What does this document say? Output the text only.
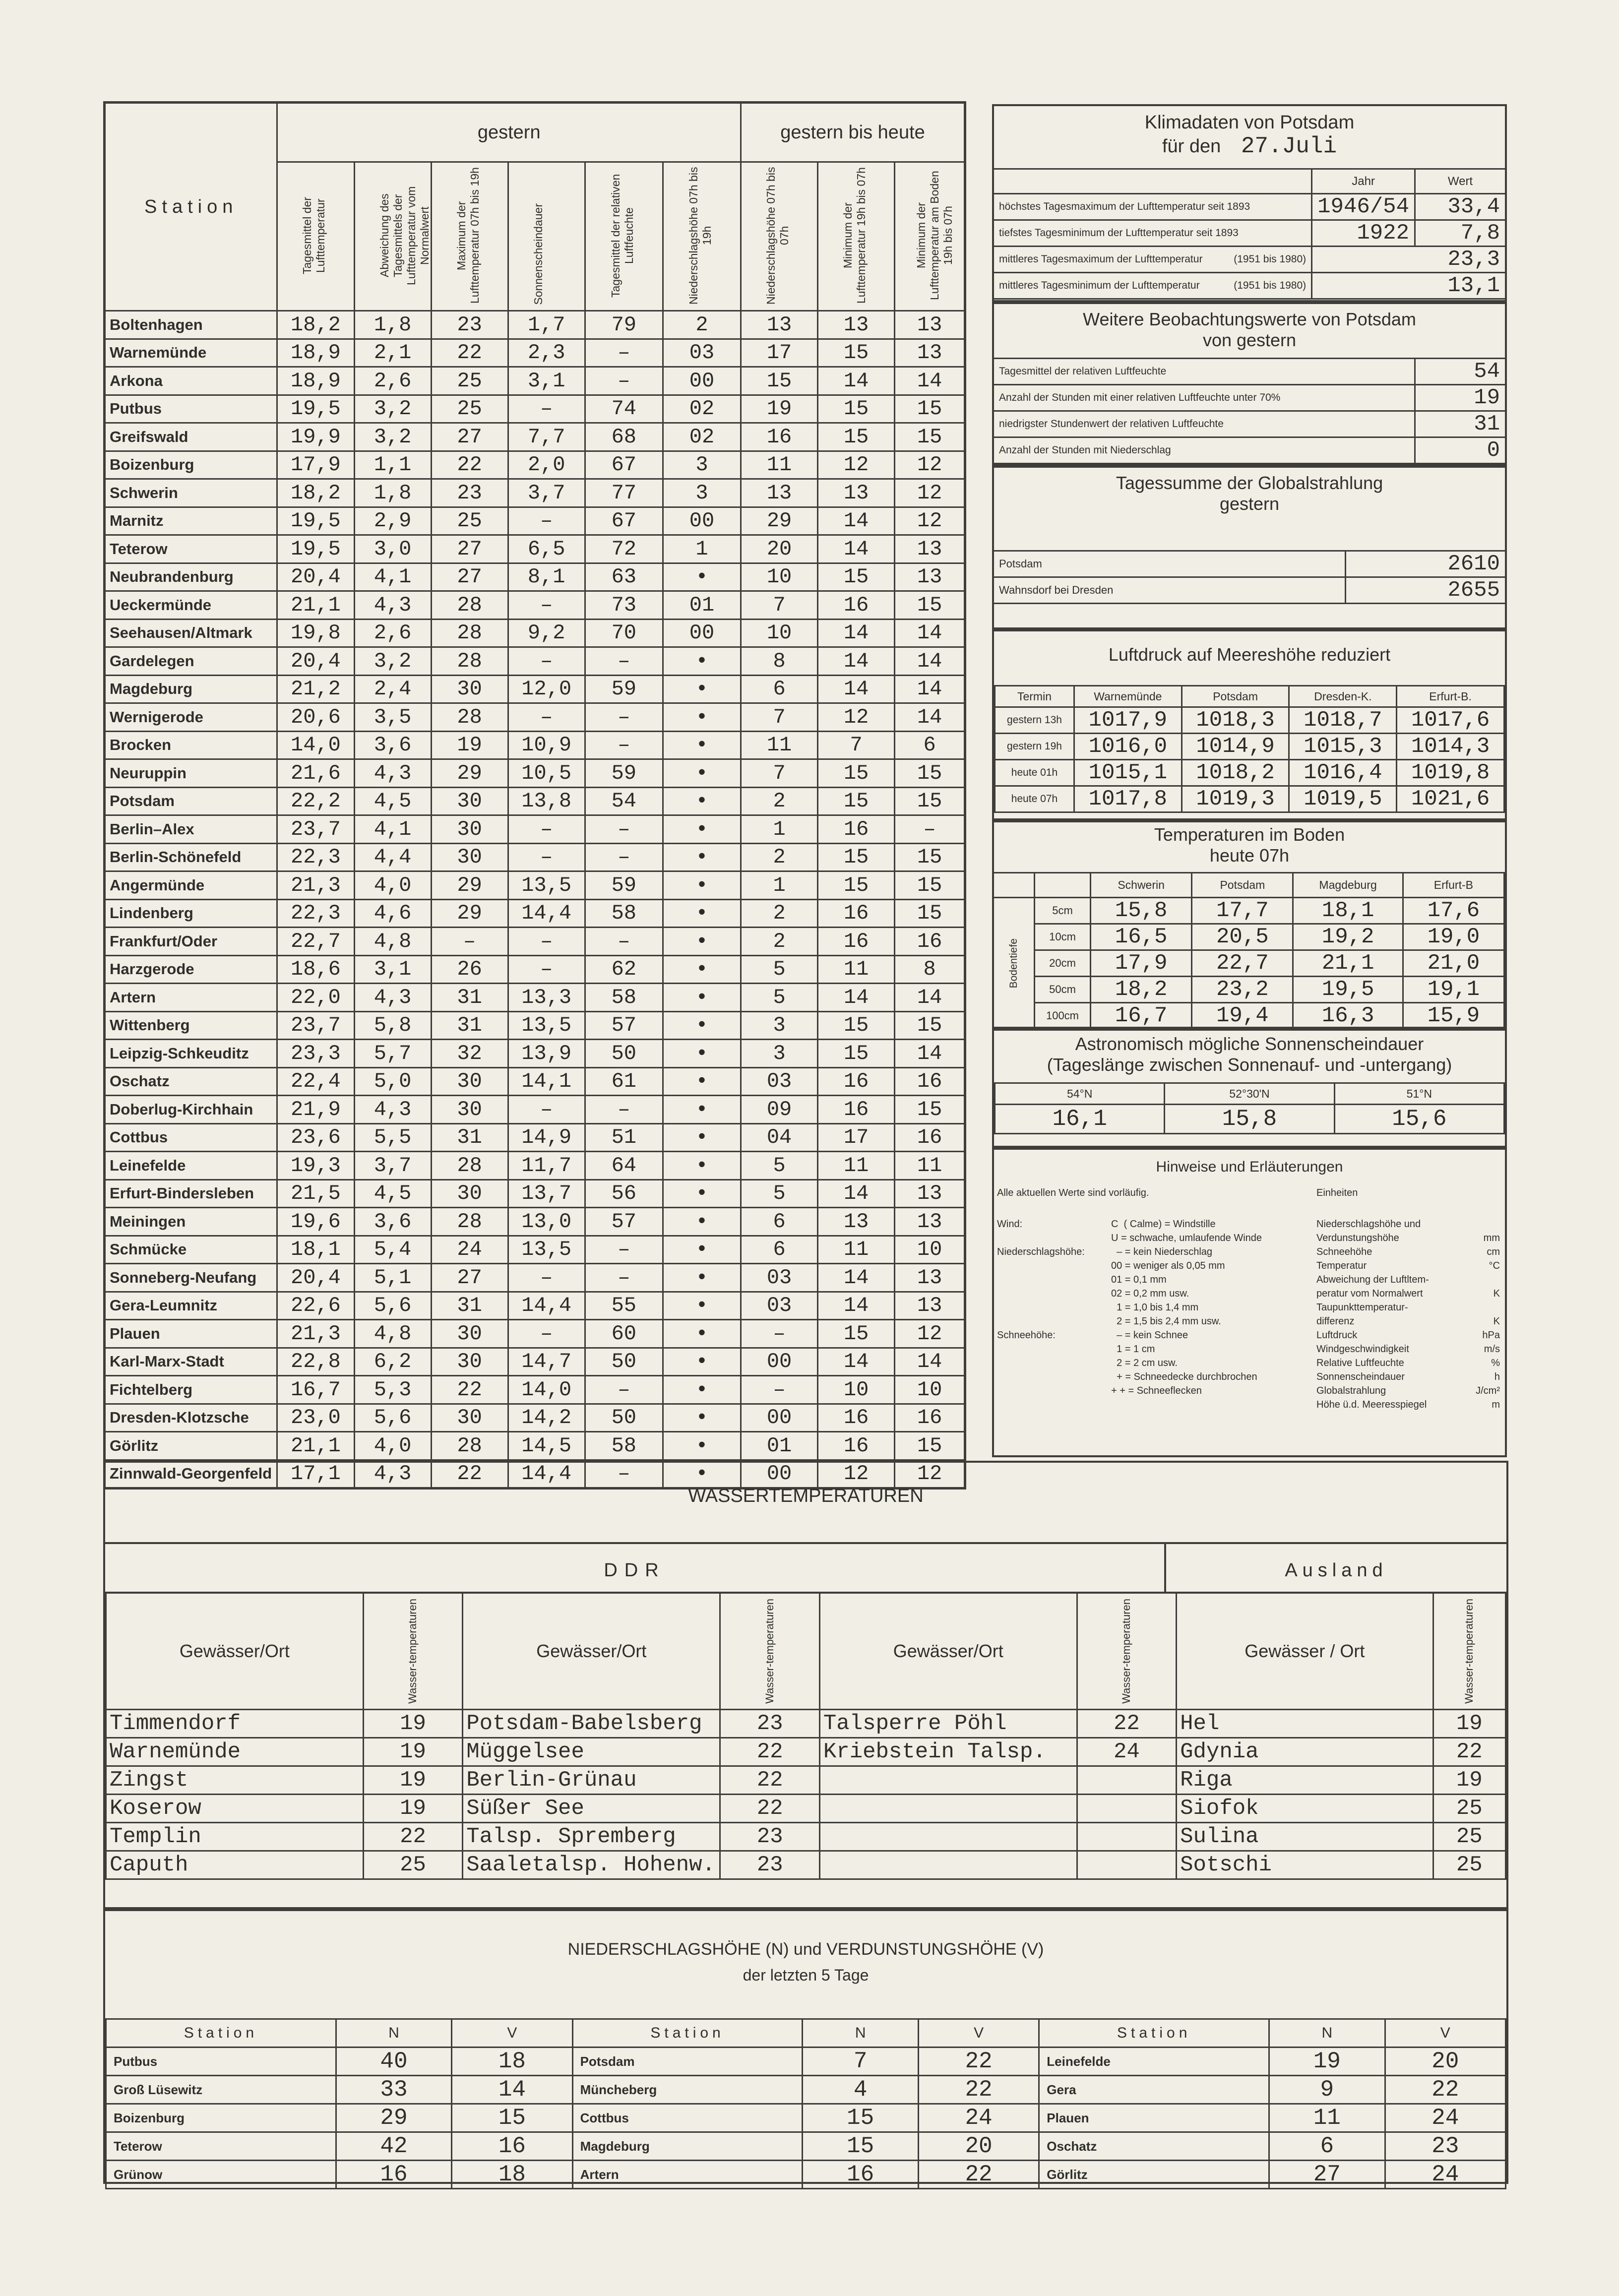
Station	gestern						gestern bis heute		

	Tagesmittel der Lufttemperatur	Abweichung des Tagesmittels der Lufttemperatur vom Normalwert	Maximum der Lufttemperatur 07h bis 19h	Sonnenscheindauer	Tagesmittel der relativen Luftfeuchte	Niederschlagshöhe 07h bis 19h	Niederschlagshöhe 07h bis 07h	Minimum der Lufttemperatur 19h bis 07h	Minimum der Lufttemperatur am Boden 19h bis 07h

Boltenhagen	18,2	1,8	23	1,7	79	2	13	13	13
Warnemünde	18,9	2,1	22	2,3	–	03	17	15	13
Arkona	18,9	2,6	25	3,1	–	00	15	14	14
Putbus	19,5	3,2	25	–	74	02	19	15	15
Greifswald	19,9	3,2	27	7,7	68	02	16	15	15
Boizenburg	17,9	1,1	22	2,0	67	3	11	12	12
Schwerin	18,2	1,8	23	3,7	77	3	13	13	12
Marnitz	19,5	2,9	25	–	67	00	29	14	12
Teterow	19,5	3,0	27	6,5	72	1	20	14	13
Neubrandenburg	20,4	4,1	27	8,1	63	•	10	15	13
Ueckermünde	21,1	4,3	28	–	73	01	7	16	15
Seehausen/Altmark	19,8	2,6	28	9,2	70	00	10	14	14
Gardelegen	20,4	3,2	28	–	–	•	8	14	14
Magdeburg	21,2	2,4	30	12,0	59	•	6	14	14
Wernigerode	20,6	3,5	28	–	–	•	7	12	14
Brocken	14,0	3,6	19	10,9	–	•	11	7	6
Neuruppin	21,6	4,3	29	10,5	59	•	7	15	15
Potsdam	22,2	4,5	30	13,8	54	•	2	15	15
Berlin–Alex	23,7	4,1	30	–	–	•	1	16	–
Berlin-Schönefeld	22,3	4,4	30	–	–	•	2	15	15
Angermünde	21,3	4,0	29	13,5	59	•	1	15	15
Lindenberg	22,3	4,6	29	14,4	58	•	2	16	15
Frankfurt/Oder	22,7	4,8	–	–	–	•	2	16	16
Harzgerode	18,6	3,1	26	–	62	•	5	11	8
Artern	22,0	4,3	31	13,3	58	•	5	14	14
Wittenberg	23,7	5,8	31	13,5	57	•	3	15	15
Leipzig-Schkeuditz	23,3	5,7	32	13,9	50	•	3	15	14
Oschatz	22,4	5,0	30	14,1	61	•	03	16	16
Doberlug-Kirchhain	21,9	4,3	30	–	–	•	09	16	15
Cottbus	23,6	5,5	31	14,9	51	•	04	17	16
Leinefelde	19,3	3,7	28	11,7	64	•	5	11	11
Erfurt-Bindersleben	21,5	4,5	30	13,7	56	•	5	14	13
Meiningen	19,6	3,6	28	13,0	57	•	6	13	13
Schmücke	18,1	5,4	24	13,5	–	•	6	11	10
Sonneberg-Neufang	20,4	5,1	27	–	–	•	03	14	13
Gera-Leumnitz	22,6	5,6	31	14,4	55	•	03	14	13
Plauen	21,3	4,8	30	–	60	•	–	15	12
Karl-Marx-Stadt	22,8	6,2	30	14,7	50	•	00	14	14
Fichtelberg	16,7	5,3	22	14,0	–	•	–	10	10
Dresden-Klotzsche	23,0	5,6	30	14,2	50	•	00	16	16
Görlitz	21,1	4,0	28	14,5	58	•	01	16	15
Zinnwald-Georgenfeld	17,1	4,3	22	14,4	–	•	00	12	12
Klimadaten von Potsdam
für den 27.Juli
	Jahr	Wert
höchstes Tagesmaximum der Lufttemperatur seit 1893	1946/54	33,4
tiefstes Tagesminimum der Lufttemperatur seit 1893	1922	7,8
mittleres Tagesmaximum der Lufttemperatur (1951 bis 1980)	23,3	
mittleres Tagesminimum der Lufttemperatur (1951 bis 1980)	13,1	
Weitere Beobachtungswerte von Potsdam
von gestern
Tagesmittel der relativen Luftfeuchte	54
Anzahl der Stunden mit einer relativen Luftfeuchte unter 70%	19
niedrigster Stundenwert der relativen Luftfeuchte	31
Anzahl der Stunden mit Niederschlag	0
Tagessumme der Globalstrahlung
gestern
Potsdam	2610
Wahnsdorf bei Dresden	2655
Luftdruck auf Meereshöhe reduziert
Termin	Warnemünde	Potsdam	Dresden-K.	Erfurt-B.
gestern 13h	1017,9	1018,3	1018,7	1017,6
gestern 19h	1016,0	1014,9	1015,3	1014,3
heute 01h	1015,1	1018,2	1016,4	1019,8
heute 07h	1017,8	1019,3	1019,5	1021,6
Temperaturen im Boden
heute 07h
		Schwerin	Potsdam	Magdeburg	Erfurt-B

Bodentiefe	5cm	15,8	17,7	18,1	17,6
	10cm	16,5	20,5	19,2	19,0
	20cm	17,9	22,7	21,1	21,0
	50cm	18,2	23,2	19,5	19,1
	100cm	16,7	19,4	16,3	15,9
Astronomisch mögliche Sonnenscheindauer
(Tageslänge zwischen Sonnenauf- und -untergang)
54°N	52°30'N	51°N
16,1	15,8	15,6
Hinweise und Erläuterungen
Alle aktuellen Werte sind vorläufig.	Einheiten
Wind:	C  ( Calme) = Windstille
U = schwache, umlaufende Winde
Niederschlagshöhe:	– = kein Niederschlag
00 = weniger als 0,05 mm
01 = 0,1 mm
02 = 0,2 mm usw.
1 = 1,0 bis 1,4 mm
2 = 1,5 bis 2,4 mm usw.
Schneehöhe:	– = kein Schnee
1 = 1 cm
2 = 2 cm usw.
+ = Schneedecke durchbrochen
+ + = Schneeflecken
Niederschlagshöhe und
Verdunstungshöhe	mm
Schneehöhe	cm
Temperatur	°C
Abweichung der Luftltem-
peratur vom Normalwert	K
Taupunkttemperatur-
differenz	K
Luftdruck	hPa
Windgeschwindigkeit	m/s
Relative Luftfeuchte	%
Sonnenscheindauer	h
Globalstrahlung	J/cm²
Höhe ü.d. Meeresspiegel	m
WASSERTEMPERATUREN
DDR	Ausland
Gewässer/Ort	Wasser-temperaturen	Gewässer/Ort	Wasser-temperaturen	Gewässer/Ort	Wasser-temperaturen	Gewässer / Ort	Wasser-temperaturen

Timmendorf	19	Potsdam-Babelsberg	23	Talsperre Pöhl	22	Hel	19
Warnemünde	19	Müggelsee	22	Kriebstein Talsp.	24	Gdynia	22
Zingst	19	Berlin-Grünau	22			Riga	19
Koserow	19	Süßer See	22			Siofok	25
Templin	22	Talsp. Spremberg	23			Sulina	25
Caputh	25	Saaletalsp. Hohenw.	23			Sotschi	25
NIEDERSCHLAGSHÖHE (N) und VERDUNSTUNGSHÖHE (V)
der letzten 5 Tage
Station	N	V	Station	N	V	Station	N	V
Putbus	40	18	Potsdam	7	22	Leinefelde	19	20
Groß Lüsewitz	33	14	Müncheberg	4	22	Gera	9	22
Boizenburg	29	15	Cottbus	15	24	Plauen	11	24
Teterow	42	16	Magdeburg	15	20	Oschatz	6	23
Grünow	16	18	Artern	16	22	Görlitz	27	24
